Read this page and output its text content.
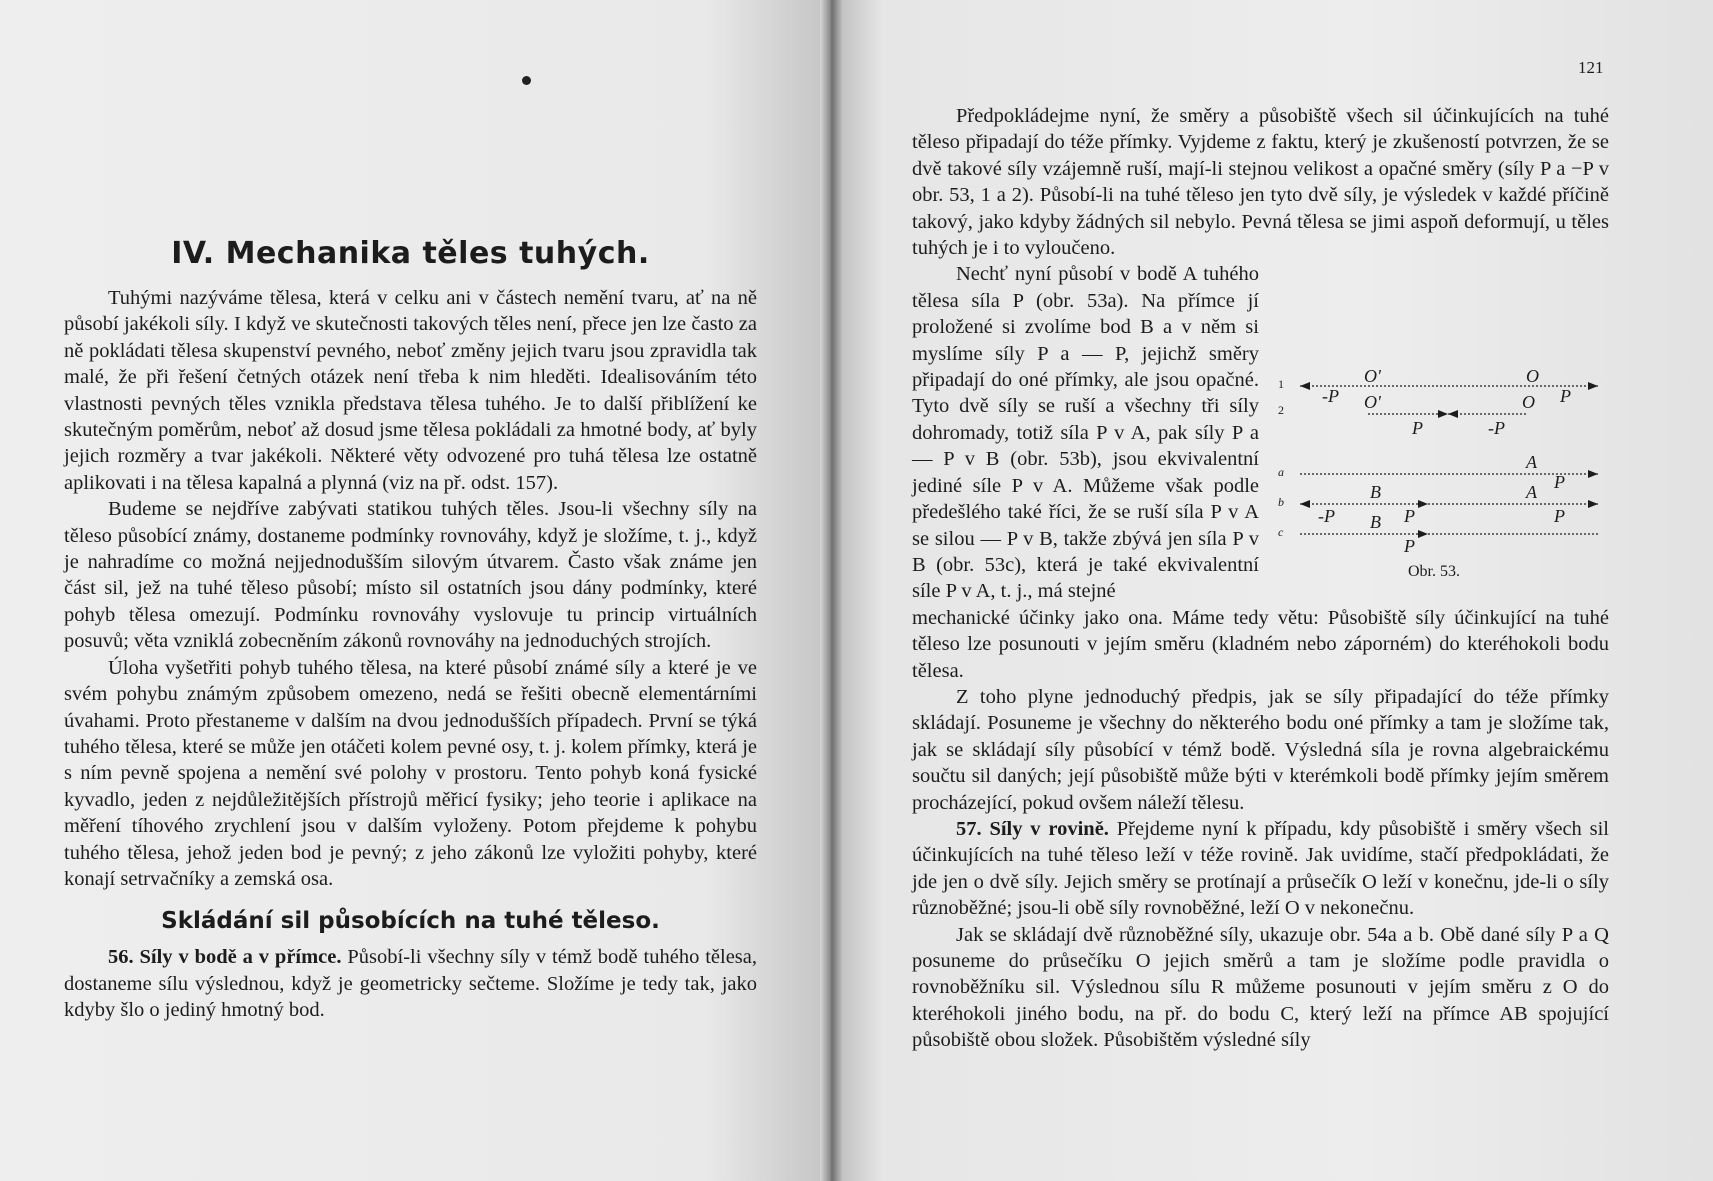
IV. Mechanika těles tuhých.

Tuhými nazýváme tělesa, která v celku ani v částech nemění tvaru, ať na ně působí jakékoli síly. I když ve skutečnosti takových těles není, přece jen lze často za ně pokládati tělesa skupenství pevného, neboť změny jejich tvaru jsou zpravidla tak malé, že při řešení četných otázek není třeba k nim hleděti. Idealisováním této vlastnosti pevných těles vznikla představa tělesa tuhého. Je to další přiblížení ke skutečným poměrům, neboť až dosud jsme tělesa pokládali za hmotné body, ať byly jejich rozměry a tvar jakékoli. Některé věty odvozené pro tuhá tělesa lze ostatně aplikovati i na tělesa kapalná a plynná (viz na př. odst. 157).

Budeme se nejdříve zabývati statikou tuhých těles. Jsou-li všechny síly na těleso působící známy, dostaneme podmínky rovnováhy, když je složíme, t. j., když je nahradíme co možná nejjednodušším silovým útvarem. Často však známe jen část sil, jež na tuhé těleso působí; místo sil ostatních jsou dány podmínky, které pohyb tělesa omezují. Podmínku rovnováhy vyslovuje tu princip virtuálních posuvů; věta vzniklá zobecněním zákonů rovnováhy na jednoduchých strojích.

Úloha vyšetřiti pohyb tuhého tělesa, na které působí známé síly a které je ve svém pohybu známým způsobem omezeno, nedá se řešiti obecně elementárními úvahami. Proto přestaneme v dalším na dvou jednodušších případech. První se týká tuhého tělesa, které se může jen otáčeti kolem pevné osy, t. j. kolem přímky, která je s ním pevně spojena a nemění své polohy v prostoru. Tento pohyb koná fysické kyvadlo, jeden z nejdůležitějších přístrojů měřicí fysiky; jeho teorie i aplikace na měření tíhového zrychlení jsou v dalším vyloženy. Potom přejdeme k pohybu tuhého tělesa, jehož jeden bod je pevný; z jeho zákonů lze vyložiti pohyby, které konají setrvačníky a zemská osa.

Skládání sil působících na tuhé těleso.

56. Síly v bodě a v přímce. Působí-li všechny síly v témž bodě tuhého tělesa, dostaneme sílu výslednou, když je geometricky sečteme. Složíme je tedy tak, jako kdyby šlo o jediný hmotný bod.

121

Předpokládejme nyní, že směry a působiště všech sil účinkujících na tuhé těleso připadají do téže přímky. Vyjdeme z faktu, který je zkušeností potvrzen, že se dvě takové síly vzájemně ruší, mají-li stejnou velikost a opačné směry (síly P a −P v obr. 53, 1 a 2). Působí-li na tuhé těleso jen tyto dvě síly, je výsledek v každé příčině takový, jako kdyby žádných sil nebylo. Pevná tělesa se jimi aspoň deformují, u těles tuhých je i to vyloučeno.

Nechť nyní působí v bodě A tuhého tělesa síla P (obr. 53a). Na přímce jí proložené si zvolíme bod B a v něm si myslíme síly P a — P, jejichž směry připadají do oné přímky, ale jsou opačné. Tyto dvě síly se ruší a všechny tři síly dohromady, totiž síla P v A, pak síly P a — P v B (obr. 53b), jsou ekvivalentní jediné síle P v A. Můžeme však podle předešlého také říci, že se ruší síla P v A se silou — P v B, takže zbývá jen síla P v B (obr. 53c), která je také ekvivalentní síle P v A, t. j., má stejné

mechanické účinky jako ona. Máme tedy větu: Působiště síly účinkující na tuhé těleso lze posunouti v jejím směru (kladném nebo záporném) do kteréhokoli bodu tělesa.

Z toho plyne jednoduchý předpis, jak se síly připadající do téže přímky skládají. Posuneme je všechny do některého bodu oné přímky a tam je složíme tak, jak se skládají síly působící v témž bodě. Výsledná síla je rovna algebraickému součtu sil daných; její působiště může býti v kterémkoli bodě přímky jejím směrem procházející, pokud ovšem náleží tělesu.

57. Síly v rovině. Přejdeme nyní k případu, kdy působiště i směry všech sil účinkujících na tuhé těleso leží v téže rovině. Jak uvidíme, stačí předpokládati, že jde jen o dvě síly. Jejich směry se protínají a průsečík O leží v konečnu, jde-li o síly různoběžné; jsou-li obě síly rovnoběžné, leží O v nekonečnu.

Jak se skládají dvě různoběžné síly, ukazuje obr. 54a a b. Obě dané síly P a Q posuneme do průsečíku O jejich směrů a tam je složíme podle pravidla o rovnoběžníku sil. Výslednou sílu R můžeme posunouti v jejím směru z O do kteréhokoli jiného bodu, na př. do bodu C, který leží na přímce AB spojující působiště obou složek. Působištěm výsledné síly

1	O'	O
-P	P
2	O'	O
P	-P
a	A
P
b	B	A
-P	P	P
c	B
P
Obr. 53.
